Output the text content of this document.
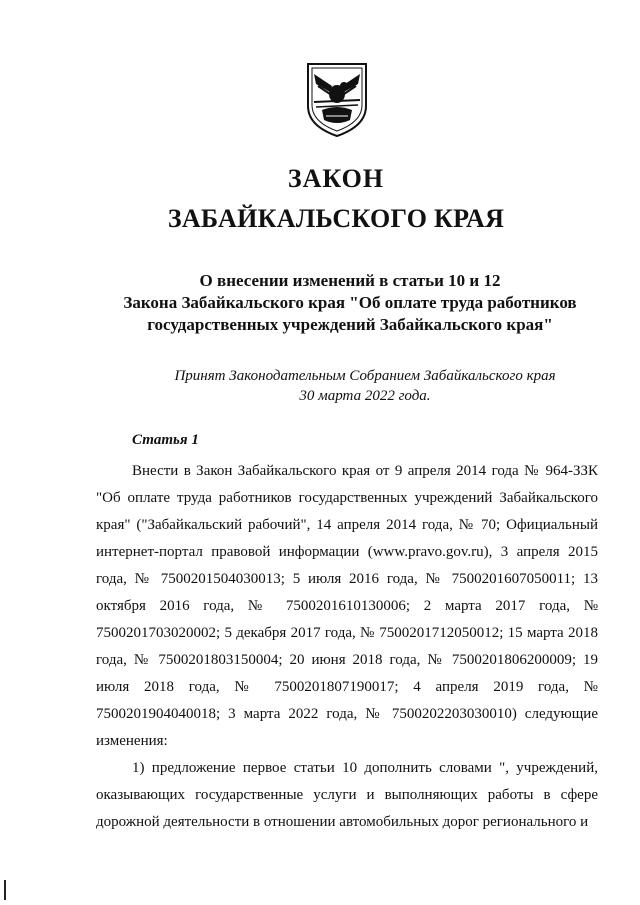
ЗАКОН
ЗАБАЙКАЛЬСКОГО КРАЯ
О внесении изменений в статьи 10 и 12
Закона Забайкальского края "Об оплате труда работников
государственных учреждений Забайкальского края"
Принят Законодательным Собранием Забайкальского края
30 марта 2022 года.
Статья 1

Внести в Закон Забайкальского края от 9 апреля 2014 года № 964-ЗЗК "Об оплате труда работников государственных учреждений Забайкальского края" ("Забайкальский рабочий", 14 апреля 2014 года, № 70; Официальный интернет-портал правовой информации (www.pravo.gov.ru), 3 апреля 2015 года, № 7500201504030013; 5 июля 2016 года, № 7500201607050011; 13 октября 2016 года, № 7500201610130006; 2 марта 2017 года, № 7500201703020002; 5 декабря 2017 года, № 7500201712050012; 15 марта 2018 года, № 7500201803150004; 20 июня 2018 года, № 7500201806200009; 19 июля 2018 года, № 7500201807190017; 4 апреля 2019 года, № 7500201904040018; 3 марта 2022 года, № 7500202203030010) следующие изменения:

1) предложение первое статьи 10 дополнить словами ", учреждений, оказывающих государственные услуги и выполняющих работы в сфере дорожной деятельности в отношении автомобильных дорог регионального и
